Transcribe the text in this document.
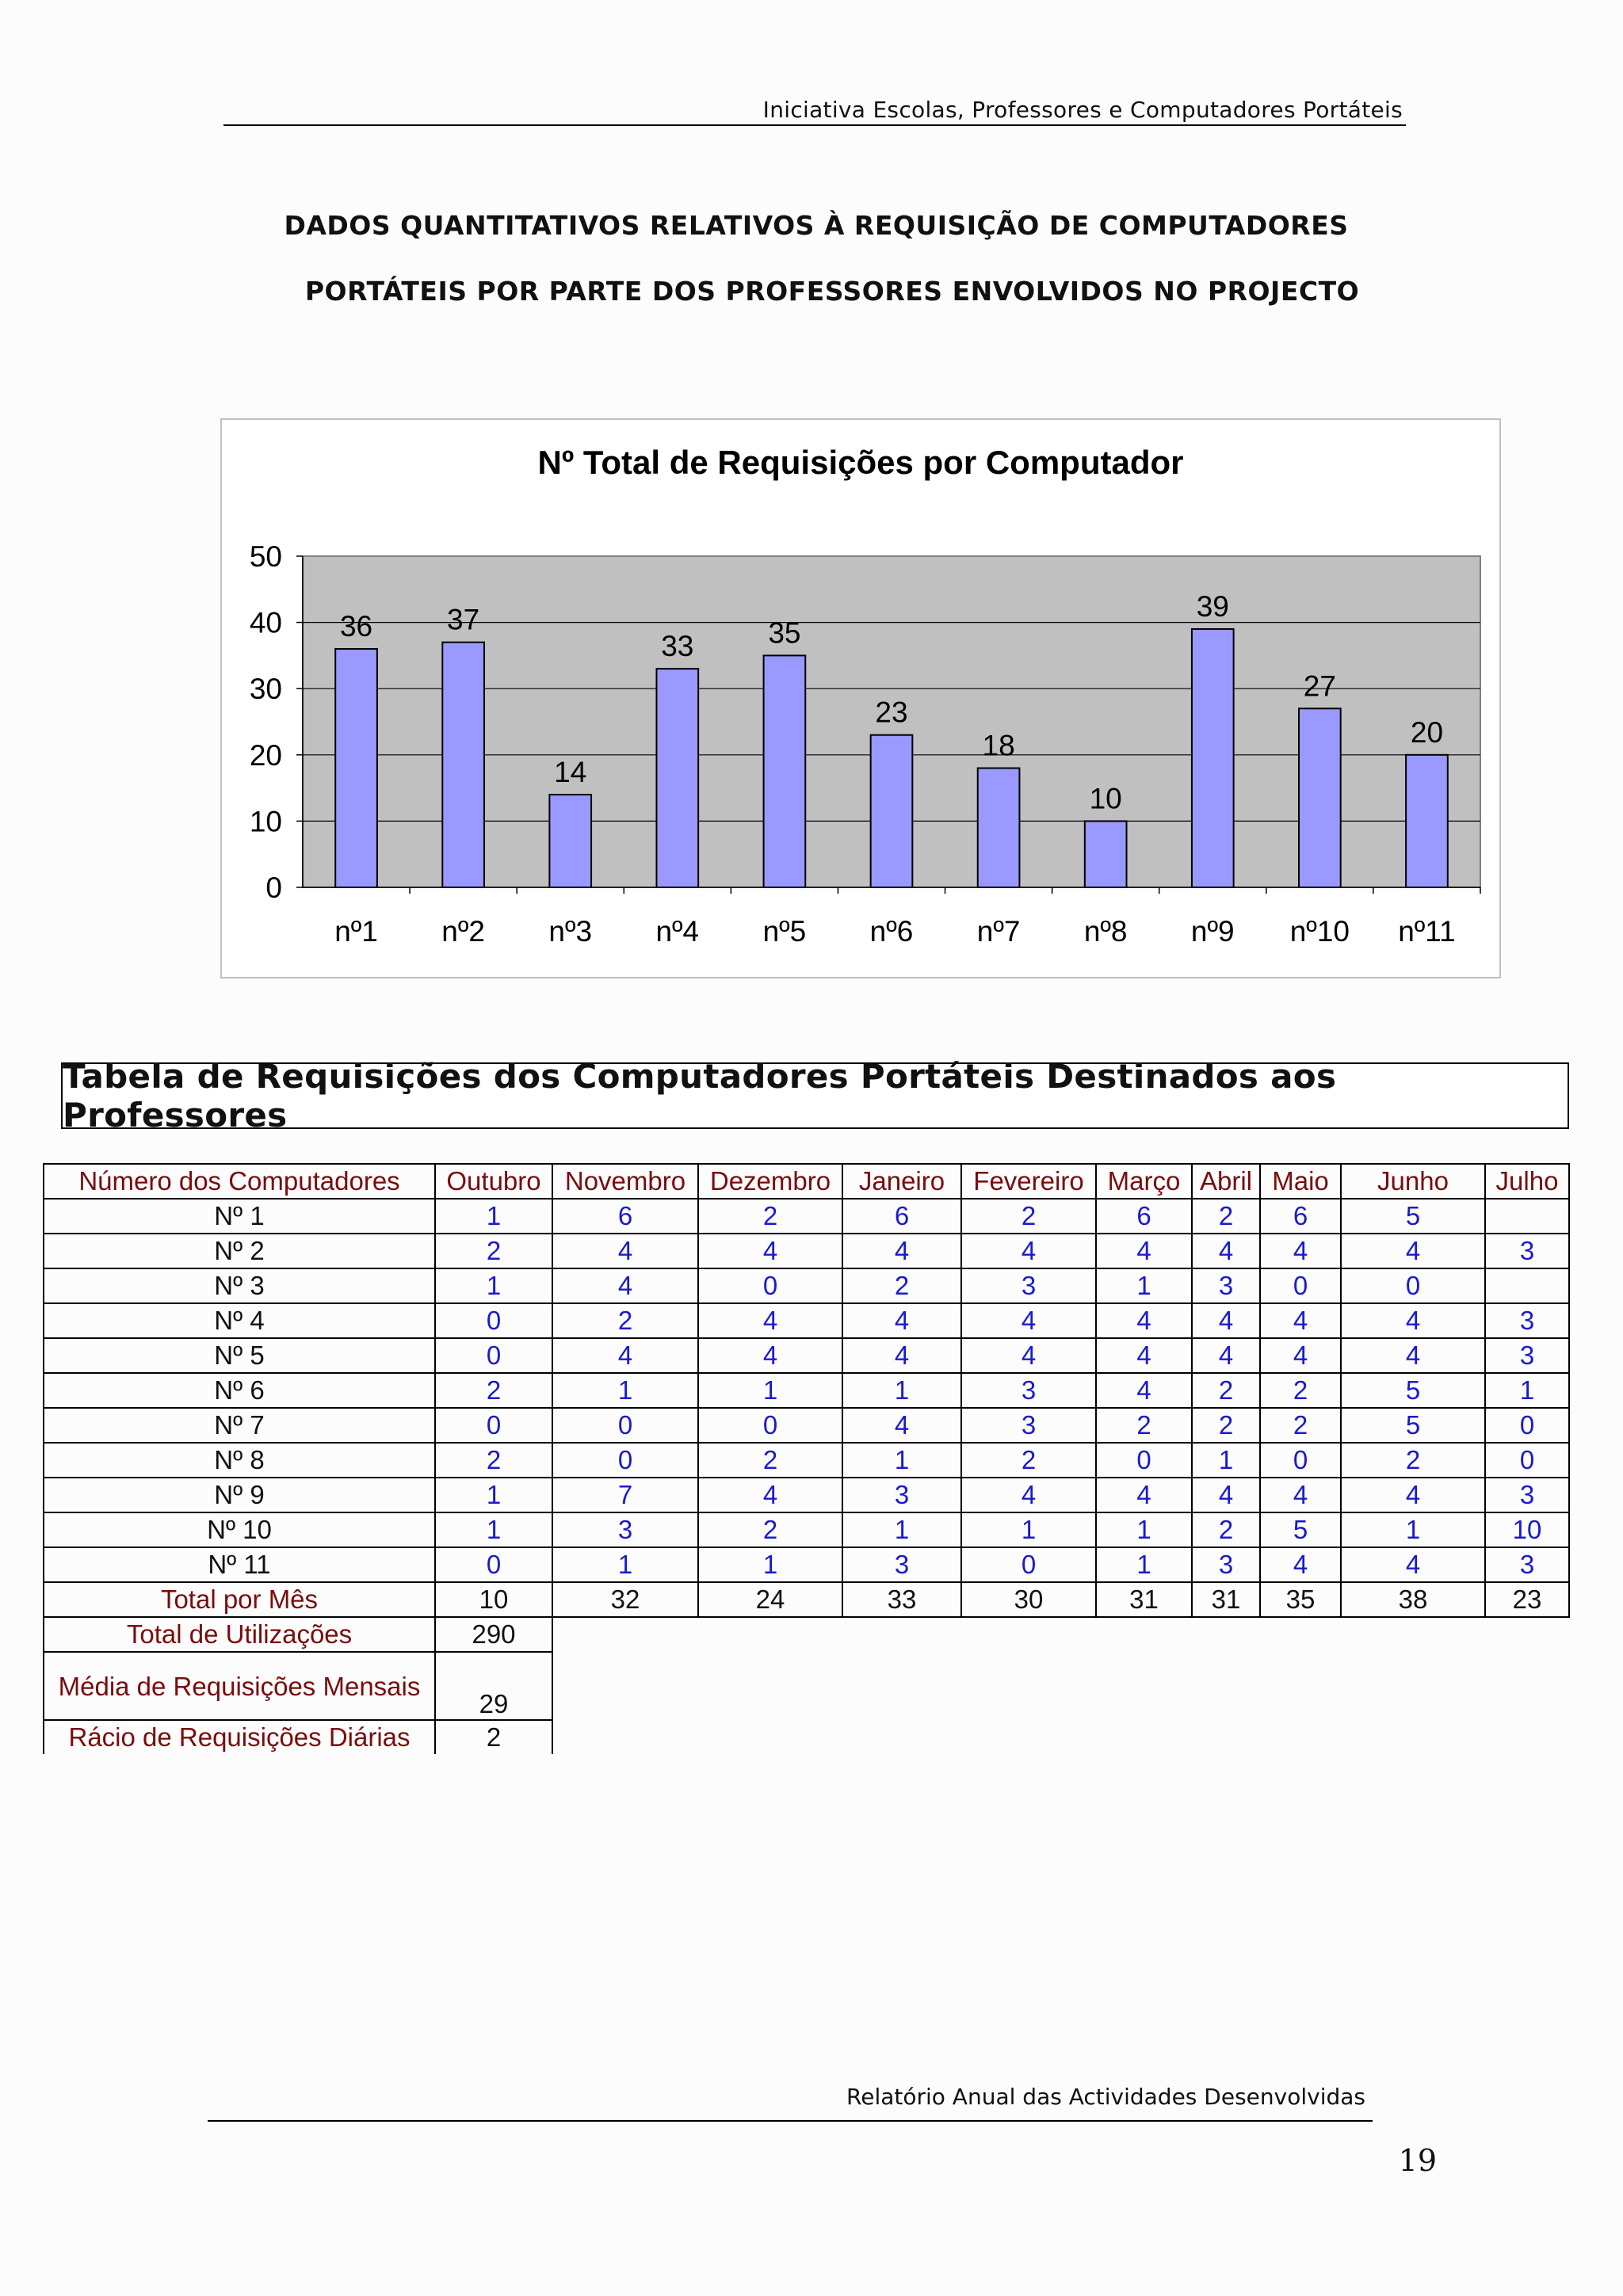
Iniciativa Escolas, Professores e Computadores Portáteis
DADOS QUANTITATIVOS RELATIVOS À REQUISIÇÃO DE COMPUTADORES
PORTÁTEIS POR PARTE DOS PROFESSORES ENVOLVIDOS NO PROJECTO
Nº Total de Requisições por Computador
0
10
20
30
40
50
36
nº1
37
nº2
14
nº3
33
nº4
35
nº5
23
nº6
18
nº7
10
nº8
39
nº9
27
nº10
20
nº11
Tabela de Requisições dos Computadores Portáteis Destinados aos Professores
Número dos Computadores	Outubro	Novembro	Dezembro	Janeiro	Fevereiro	Março	Abril	Maio	Junho	Julho
Nº 1	1	6	2	6	2	6	2	6	5	
Nº 2	2	4	4	4	4	4	4	4	4	3
Nº 3	1	4	0	2	3	1	3	0	0	
Nº 4	0	2	4	4	4	4	4	4	4	3
Nº 5	0	4	4	4	4	4	4	4	4	3
Nº 6	2	1	1	1	3	4	2	2	5	1
Nº 7	0	0	0	4	3	2	2	2	5	0
Nº 8	2	0	2	1	2	0	1	0	2	0
Nº 9	1	7	4	3	4	4	4	4	4	3
Nº 10	1	3	2	1	1	1	2	5	1	10
Nº 11	0	1	1	3	0	1	3	4	4	3
Total por Mês	10	32	24	33	30	31	31	35	38	23
Total de Utilizações	290									
Média de Requisições Mensais	29									
Rácio de Requisições Diárias	2									
Relatório Anual das Actividades Desenvolvidas
19
